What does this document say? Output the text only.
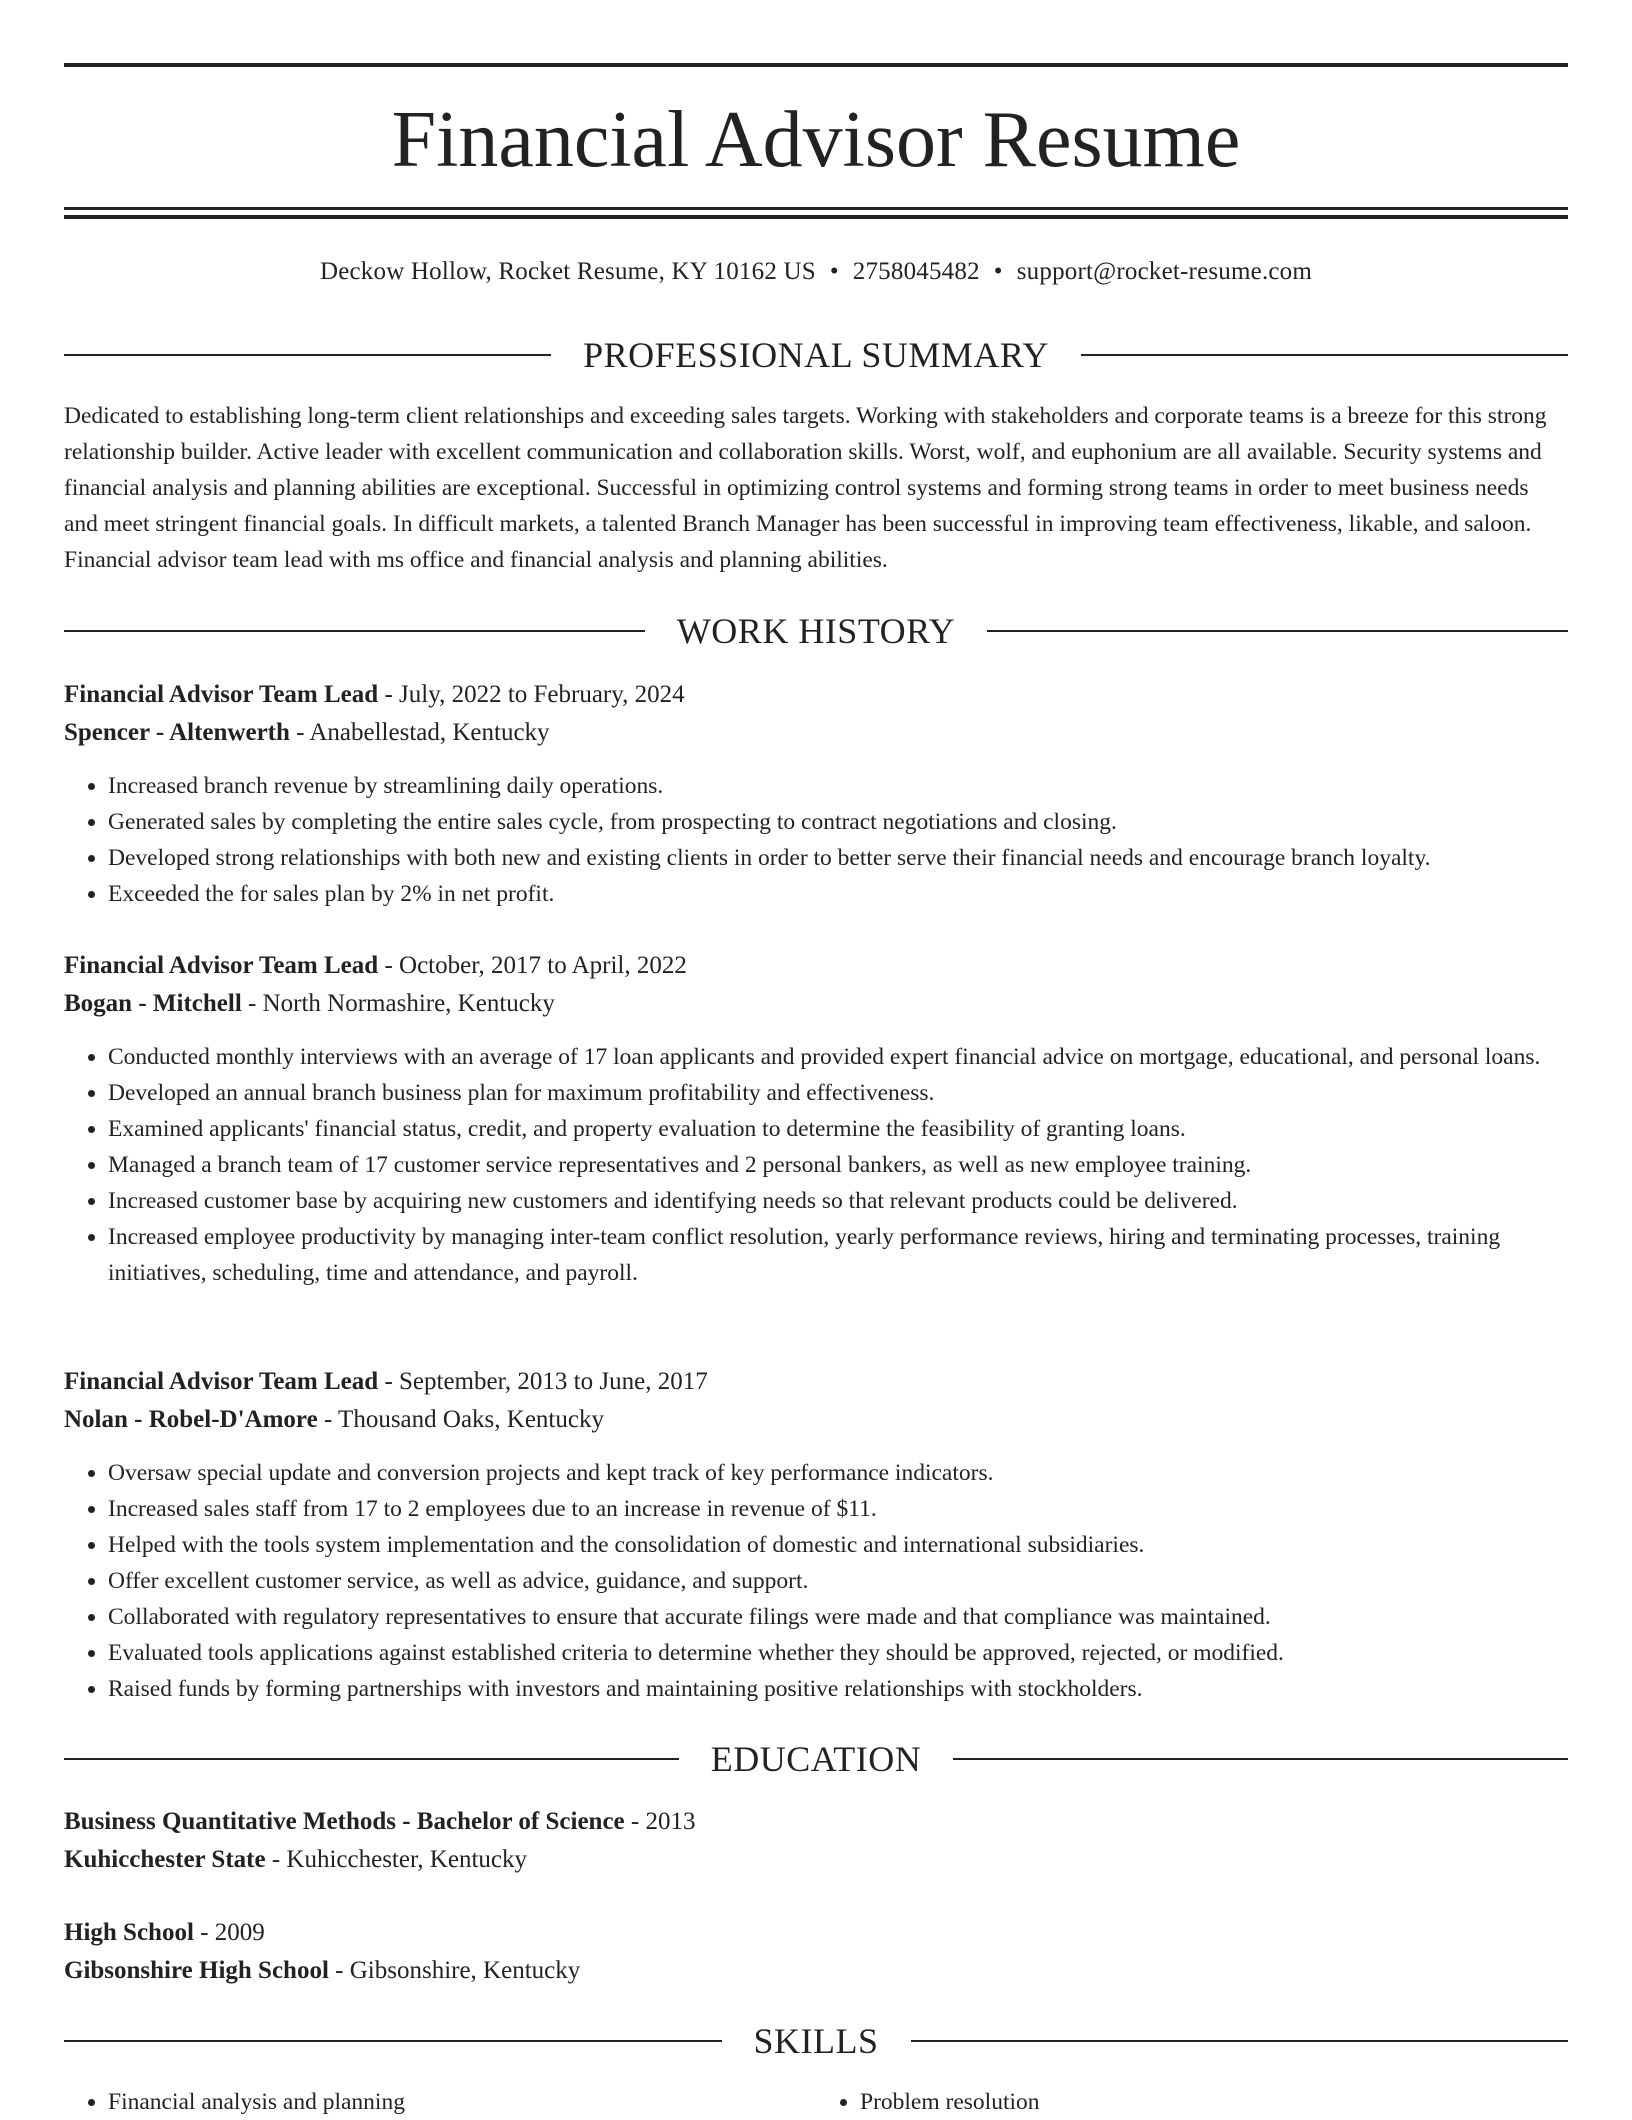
Financial Advisor Resume
Deckow Hollow, Rocket Resume, KY 10162 US • 2758045482 • support@rocket-resume.com
PROFESSIONAL SUMMARY

Dedicated to establishing long-term client relationships and exceeding sales targets. Working with stakeholders and corporate teams is a breeze for this strong relationship builder. Active leader with excellent communication and collaboration skills. Worst, wolf, and euphonium are all available. Security systems and financial analysis and planning abilities are exceptional. Successful in optimizing control systems and forming strong teams in order to meet business needs and meet stringent financial goals. In difficult markets, a talented Branch Manager has been successful in improving team effectiveness, likable, and saloon. Financial advisor team lead with ms office and financial analysis and planning abilities.

WORK HISTORY
Financial Advisor Team Lead - July, 2022 to February, 2024
Spencer - Altenwerth - Anabellestad, Kentucky
• Increased branch revenue by streamlining daily operations.
• Generated sales by completing the entire sales cycle, from prospecting to contract negotiations and closing.
• Developed strong relationships with both new and existing clients in order to better serve their financial needs and encourage branch loyalty.
• Exceeded the for sales plan by 2% in net profit.
Financial Advisor Team Lead - October, 2017 to April, 2022
Bogan - Mitchell - North Normashire, Kentucky
• Conducted monthly interviews with an average of 17 loan applicants and provided expert financial advice on mortgage, educational, and personal loans.
• Developed an annual branch business plan for maximum profitability and effectiveness.
• Examined applicants' financial status, credit, and property evaluation to determine the feasibility of granting loans.
• Managed a branch team of 17 customer service representatives and 2 personal bankers, as well as new employee training.
• Increased customer base by acquiring new customers and identifying needs so that relevant products could be delivered.
• Increased employee productivity by managing inter-team conflict resolution, yearly performance reviews, hiring and terminating processes, training initiatives, scheduling, time and attendance, and payroll.
Financial Advisor Team Lead - September, 2013 to June, 2017
Nolan - Robel-D'Amore - Thousand Oaks, Kentucky
• Oversaw special update and conversion projects and kept track of key performance indicators.
• Increased sales staff from 17 to 2 employees due to an increase in revenue of $11.
• Helped with the tools system implementation and the consolidation of domestic and international subsidiaries.
• Offer excellent customer service, as well as advice, guidance, and support.
• Collaborated with regulatory representatives to ensure that accurate filings were made and that compliance was maintained.
• Evaluated tools applications against established criteria to determine whether they should be approved, rejected, or modified.
• Raised funds by forming partnerships with investors and maintaining positive relationships with stockholders.
EDUCATION
Business Quantitative Methods - Bachelor of Science - 2013
Kuhicchester State - Kuhicchester, Kentucky
High School - 2009
Gibsonshire High School - Gibsonshire, Kentucky
SKILLS
• Financial analysis and planning
•	Problem resolution
